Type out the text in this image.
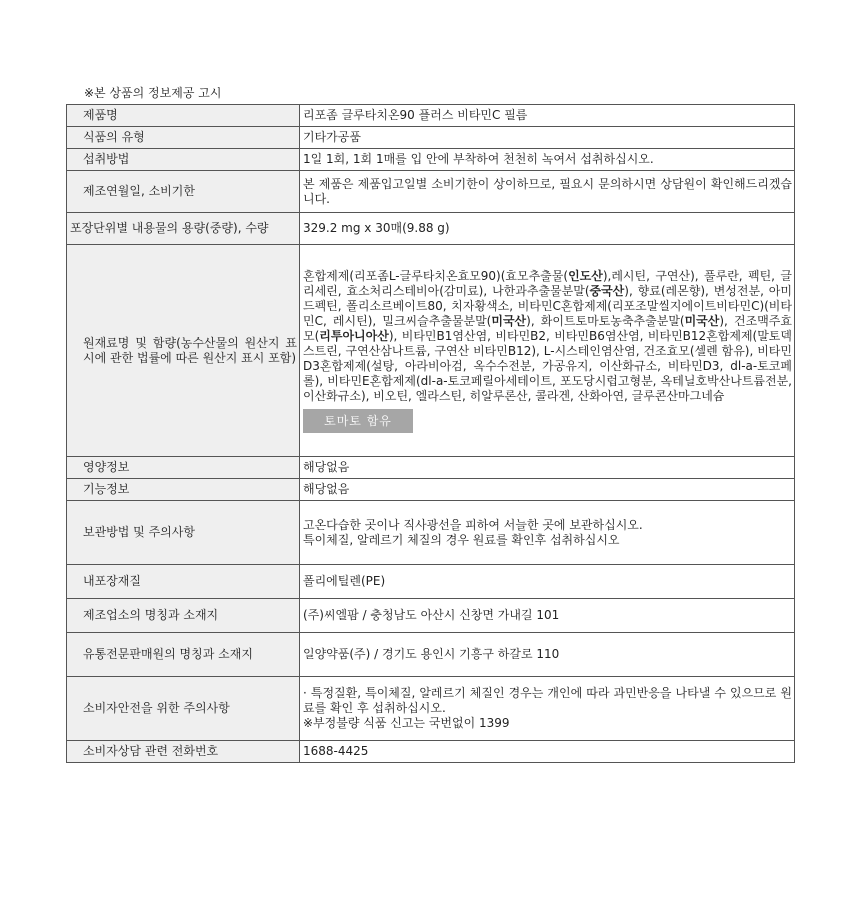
※본 상품의 정보제공 고시
제품명	리포좀 글루타치온90 플러스 비타민C 필름
식품의 유형	기타가공품
섭취방법	1일 1회, 1회 1매를 입 안에 부착하여 천천히 녹여서 섭취하십시오.
제조연월일, 소비기한	본 제품은 제품입고일별 소비기한이 상이하므로, 필요시 문의하시면 상담원이 확인해드리겠습니다.
포장단위별 내용물의 용량(중량), 수량	329.2 mg x 30매(9.88 g)
원재료명 및 함량(농수산물의 원산지 표시에 관한 법률에 따른 원산지 표시 포함)	혼합제제(리포좀L-글루타치온효모90)(효모추출물(인도산),레시틴, 구연산), 풀루란, 펙틴, 글리세린, 효소처리스테비아(감미료), 나한과추출물분말(중국산), 향료(레몬향), 변성전분, 아미드펙틴, 폴리소르베이트80, 치자황색소, 비타민C혼합제제(리포조말씰지에이트비타민C)(비타민C, 레시틴), 밀크씨슬추출물분말(미국산), 화이트토마토농축추출분말(미국산), 건조맥주효모(리투아니아산), 비타민B1염산염, 비타민B2, 비타민B6염산염, 비타민B12혼합제제(말토덱스트린, 구연산삼나트륨, 구연산 비타민B12), L-시스테인염산염, 건조효모(셀렌 함유), 비타민D3혼합제제(설탕, 아라비아검, 옥수수전분, 가공유지, 이산화규소, 비타민D3, dl-a-토코페롤), 비타민E혼합제제(dl-a-토코페릴아세테이트, 포도당시럽고형분, 옥테닐호박산나트륨전분, 이산화규소), 비오틴, 엘라스틴, 히알루론산, 콜라겐, 산화아연, 글루콘산마그네슘
토마토 함유
영양정보	해당없음
기능정보	해당없음
보관방법 및 주의사항	고온다습한 곳이나 직사광선을 피하여 서늘한 곳에 보관하십시오.
특이체질, 알레르기 체질의 경우 원료를 확인후 섭취하십시오

내포장재질	폴리에틸렌(PE)
제조업소의 명칭과 소재지	(주)씨엘팜 / 충청남도 아산시 신창면 가내길 101
유통전문판매원의 명칭과 소재지	일양약품(주) / 경기도 용인시 기흥구 하갈로 110
소비자안전을 위한 주의사항	· 특정질환, 특이체질, 알레르기 체질인 경우는 개인에 따라 과민반응을 나타낼 수 있으므로 원료를 확인 후 섭취하십시오.
※부정불량 식품 신고는 국번없이 1399

소비자상담 관련 전화번호	1688-4425
